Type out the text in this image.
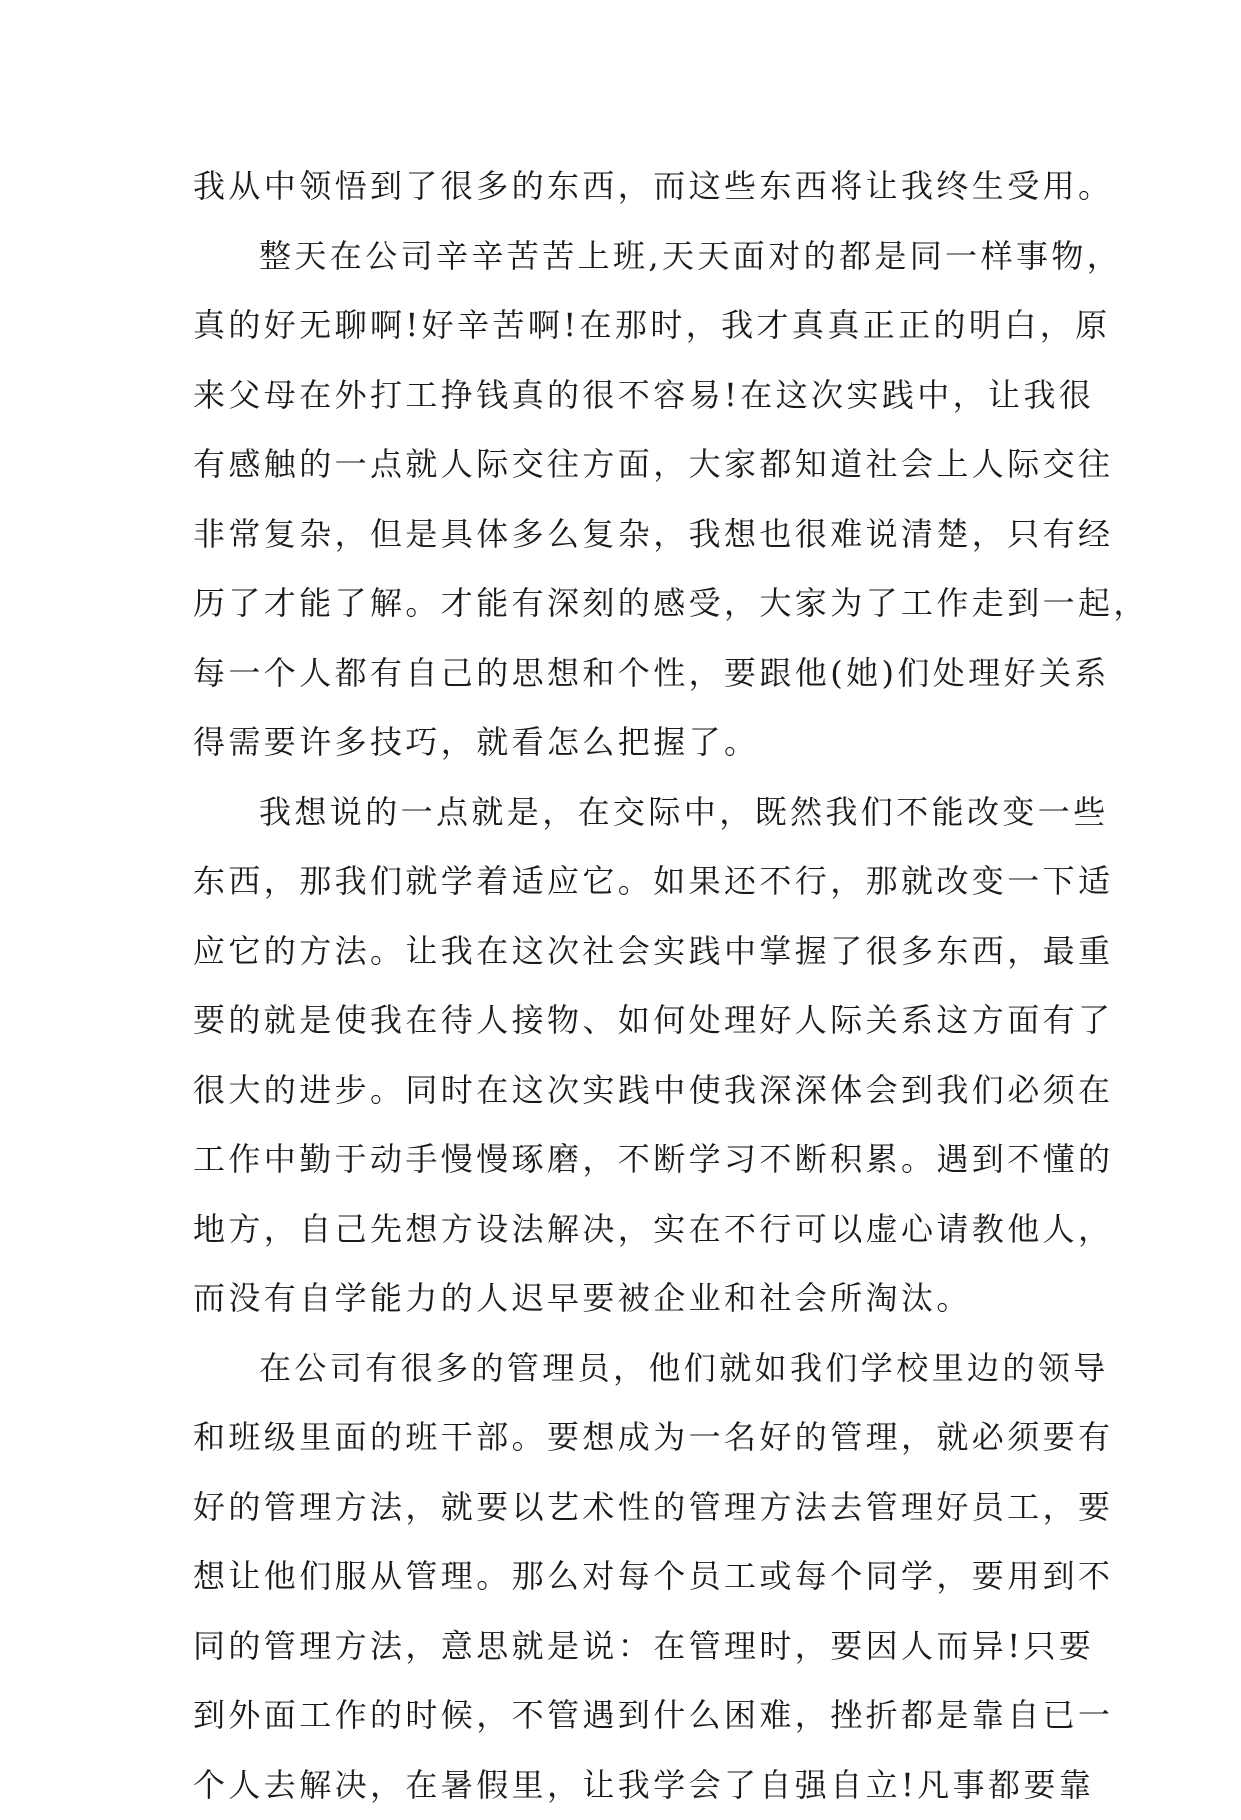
我从中领悟到了很多的东西，而这些东西将让我终生受用。
整天在公司辛辛苦苦上班,天天面对的都是同一样事物，
真的好无聊啊!好辛苦啊!在那时，我才真真正正的明白，原
来父母在外打工挣钱真的很不容易!在这次实践中，让我很
有感触的一点就人际交往方面，大家都知道社会上人际交往
非常复杂，但是具体多么复杂，我想也很难说清楚，只有经
历了才能了解。才能有深刻的感受，大家为了工作走到一起，
每一个人都有自己的思想和个性，要跟他(她)们处理好关系
得需要许多技巧，就看怎么把握了。
我想说的一点就是，在交际中，既然我们不能改变一些
东西，那我们就学着适应它。如果还不行，那就改变一下适
应它的方法。让我在这次社会实践中掌握了很多东西，最重
要的就是使我在待人接物、如何处理好人际关系这方面有了
很大的进步。同时在这次实践中使我深深体会到我们必须在
工作中勤于动手慢慢琢磨，不断学习不断积累。遇到不懂的
地方，自己先想方设法解决，实在不行可以虚心请教他人，
而没有自学能力的人迟早要被企业和社会所淘汰。
在公司有很多的管理员，他们就如我们学校里边的领导
和班级里面的班干部。要想成为一名好的管理，就必须要有
好的管理方法，就要以艺术性的管理方法去管理好员工，要
想让他们服从管理。那么对每个员工或每个同学，要用到不
同的管理方法，意思就是说：在管理时，要因人而异!只要
到外面工作的时候，不管遇到什么困难，挫折都是靠自已一
个人去解决，在暑假里，让我学会了自强自立!凡事都要靠
